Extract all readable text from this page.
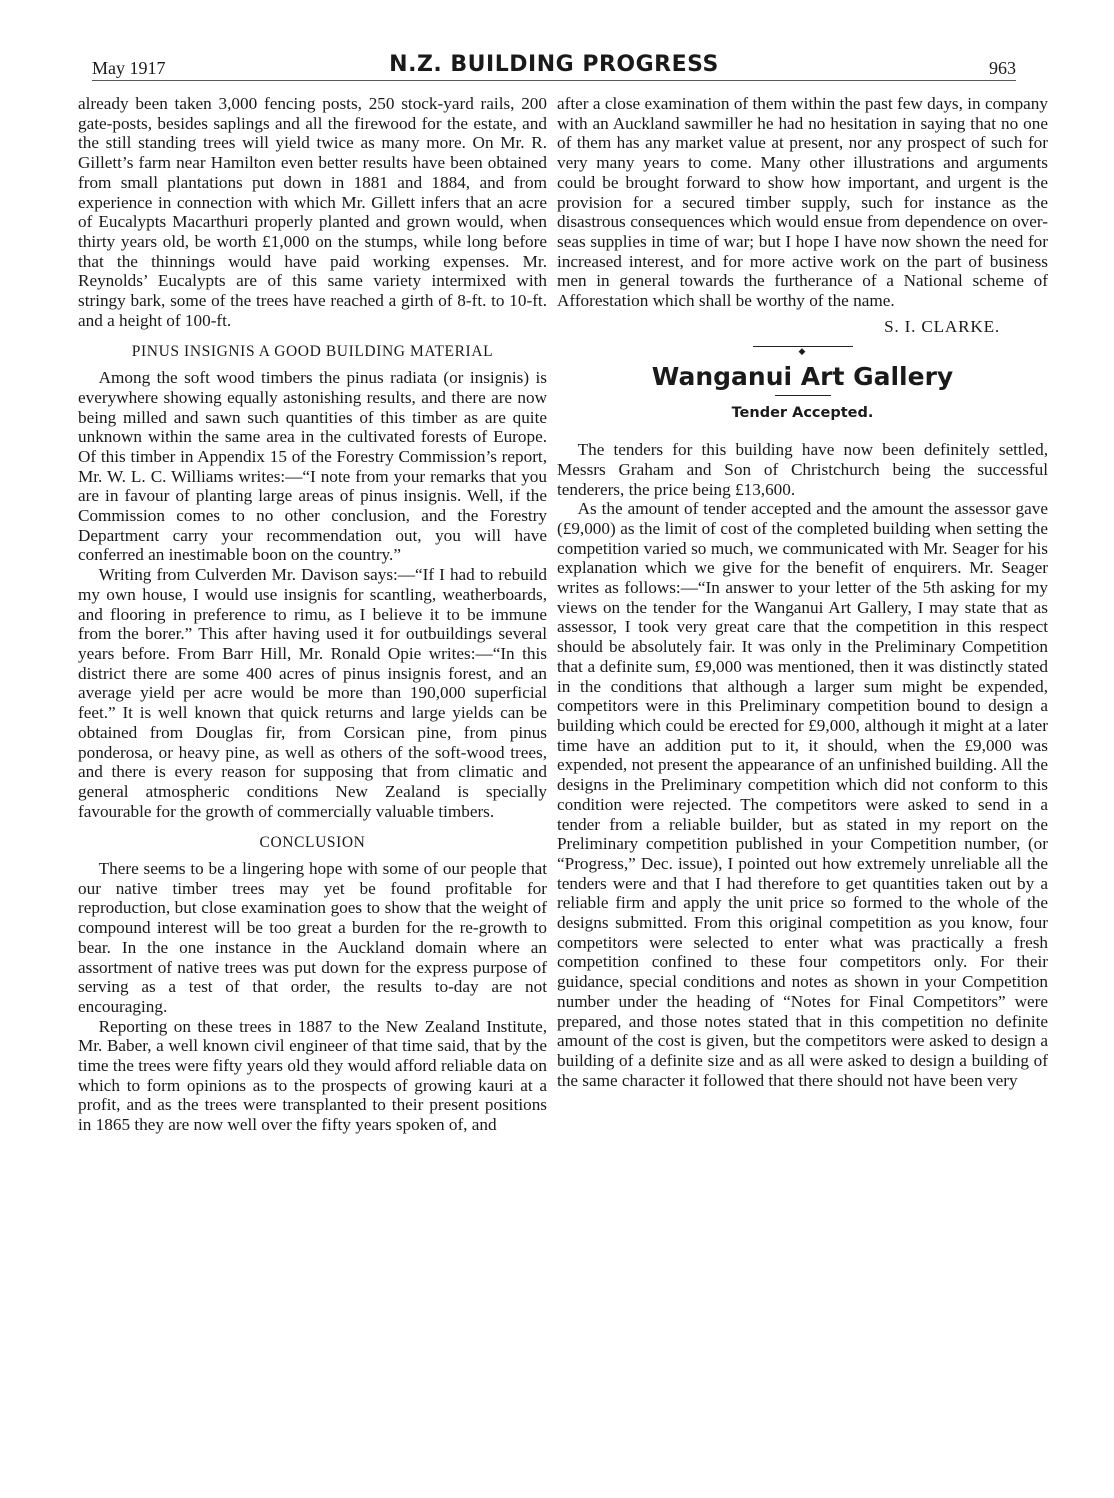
May 1917	N.Z. BUILDING PROGRESS	963

already been taken 3,000 fencing posts, 250 stock-yard rails, 200 gate-posts, besides saplings and all the firewood for the estate, and the still standing trees will yield twice as many more. On Mr. R. Gillett’s farm near Hamilton even better results have been obtained from small plantations put down in 1881 and 1884, and from experience in connection with which Mr. Gillett infers that an acre of Eucalypts Macarthuri properly planted and grown would, when thirty years old, be worth £1,000 on the stumps, while long before that the thinnings would have paid working expenses. Mr. Reynolds’ Eucalypts are of this same variety intermixed with stringy bark, some of the trees have reached a girth of 8-ft. to 10-ft. and a height of 100-ft.

PINUS INSIGNIS A GOOD BUILDING MATERIAL

Among the soft wood timbers the pinus radiata (or insignis) is everywhere showing equally astonishing results, and there are now being milled and sawn such quantities of this timber as are quite unknown within the same area in the cultivated forests of Europe. Of this timber in Appendix 15 of the Forestry Commission’s report, Mr. W. L. C. Williams writes:—“I note from your remarks that you are in favour of planting large areas of pinus insignis. Well, if the Commission comes to no other conclusion, and the Forestry Department carry your recommendation out, you will have conferred an inestimable boon on the country.”

Writing from Culverden Mr. Davison says:—“If I had to rebuild my own house, I would use insignis for scantling, weatherboards, and flooring in preference to rimu, as I believe it to be immune from the borer.” This after having used it for outbuildings several years before. From Barr Hill, Mr. Ronald Opie writes:—“In this district there are some 400 acres of pinus insignis forest, and an average yield per acre would be more than 190,000 superficial feet.” It is well known that quick returns and large yields can be obtained from Douglas fir, from Corsican pine, from pinus ponderosa, or heavy pine, as well as others of the soft-wood trees, and there is every reason for supposing that from climatic and general atmospheric conditions New Zealand is specially favourable for the growth of commercially valuable timbers.

CONCLUSION

There seems to be a lingering hope with some of our people that our native timber trees may yet be found profitable for reproduction, but close examination goes to show that the weight of compound interest will be too great a burden for the re-growth to bear. In the one instance in the Auckland domain where an assortment of native trees was put down for the express purpose of serving as a test of that order, the results to-day are not encouraging.

Reporting on these trees in 1887 to the New Zealand Institute, Mr. Baber, a well known civil engineer of that time said, that by the time the trees were fifty years old they would afford reliable data on which to form opinions as to the prospects of growing kauri at a profit, and as the trees were transplanted to their present positions in 1865 they are now well over the fifty years spoken of, and

after a close examination of them within the past few days, in company with an Auckland sawmiller he had no hesitation in saying that no one of them has any market value at present, nor any prospect of such for very many years to come. Many other illustrations and arguments could be brought forward to show how important, and urgent is the provision for a secured timber supply, such for instance as the disastrous consequences which would ensue from dependence on over-seas supplies in time of war; but I hope I have now shown the need for increased interest, and for more active work on the part of business men in general towards the furtherance of a National scheme of Afforestation which shall be worthy of the name.

S. I. CLARKE.
◆
Wanganui Art Gallery
Tender Accepted.

The tenders for this building have now been definitely settled, Messrs Graham and Son of Christchurch being the successful tenderers, the price being £13,600.

As the amount of tender accepted and the amount the assessor gave (£9,000) as the limit of cost of the completed building when setting the competition varied so much, we communicated with Mr. Seager for his explanation which we give for the benefit of enquirers. Mr. Seager writes as follows:—“In answer to your letter of the 5th asking for my views on the tender for the Wanganui Art Gallery, I may state that as assessor, I took very great care that the competition in this respect should be absolutely fair. It was only in the Preliminary Competition that a definite sum, £9,000 was mentioned, then it was distinctly stated in the conditions that although a larger sum might be expended, competitors were in this Preliminary competition bound to design a building which could be erected for £9,000, although it might at a later time have an addition put to it, it should, when the £9,000 was expended, not present the appearance of an unfinished building. All the designs in the Preliminary competition which did not conform to this condition were rejected. The competitors were asked to send in a tender from a reliable builder, but as stated in my report on the Preliminary competition published in your Competition number, (or “Progress,” Dec. issue), I pointed out how extremely unreliable all the tenders were and that I had therefore to get quantities taken out by a reliable firm and apply the unit price so formed to the whole of the designs submitted. From this original competition as you know, four competitors were selected to enter what was practically a fresh competition confined to these four competitors only. For their guidance, special conditions and notes as shown in your Competition number under the heading of “Notes for Final Competitors” were prepared, and those notes stated that in this competition no definite amount of the cost is given, but the competitors were asked to design a building of a definite size and as all were asked to design a building of the same character it followed that there should not have been very
